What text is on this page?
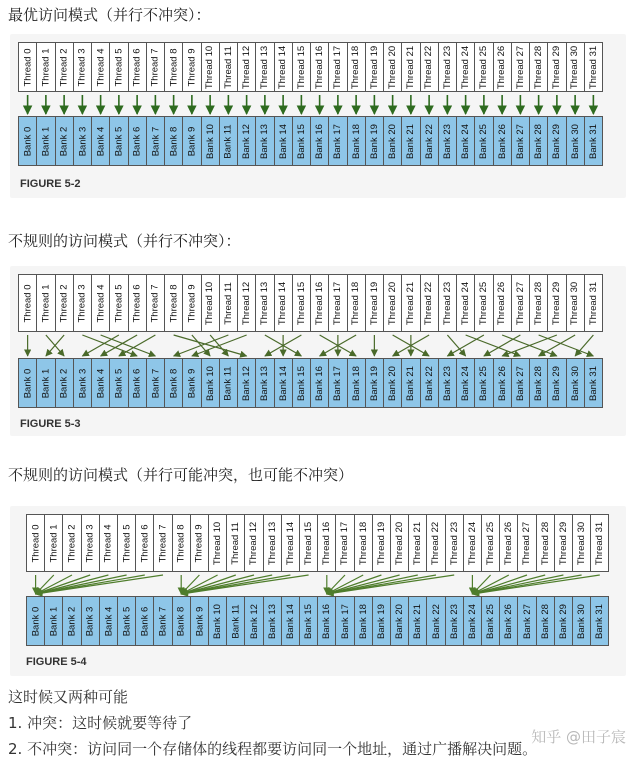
最优访问模式（并行不冲突）：
FIGURE 5-2
Thread 0 Thread 1 Thread 2 Thread 3 Thread 4 Thread 5 Thread 6 Thread 7 Thread 8 Thread 9 Thread 10 Thread 11 Thread 12 Thread 13 Thread 14 Thread 15 Thread 16 Thread 17 Thread 18 Thread 19 Thread 20 Thread 21 Thread 22 Thread 23 Thread 24 Thread 25 Thread 26 Thread 27 Thread 28 Thread 29 Thread 30 Thread 31
Bank 0 Bank 1 Bank 2 Bank 3 Bank 4 Bank 5 Bank 6 Bank 7 Bank 8 Bank 9 Bank 10 Bank 11 Bank 12 Bank 13 Bank 14 Bank 15 Bank 16 Bank 17 Bank 18 Bank 19 Bank 20 Bank 21 Bank 22 Bank 23 Bank 24 Bank 25 Bank 26 Bank 27 Bank 28 Bank 29 Bank 30 Bank 31
不规则的访问模式（并行不冲突）：
FIGURE 5-3
Thread 0 Thread 1 Thread 2 Thread 3 Thread 4 Thread 5 Thread 6 Thread 7 Thread 8 Thread 9 Thread 10 Thread 11 Thread 12 Thread 13 Thread 14 Thread 15 Thread 16 Thread 17 Thread 18 Thread 19 Thread 20 Thread 21 Thread 22 Thread 23 Thread 24 Thread 25 Thread 26 Thread 27 Thread 28 Thread 29 Thread 30 Thread 31
Bank 0 Bank 1 Bank 2 Bank 3 Bank 4 Bank 5 Bank 6 Bank 7 Bank 8 Bank 9 Bank 10 Bank 11 Bank 12 Bank 13 Bank 14 Bank 15 Bank 16 Bank 17 Bank 18 Bank 19 Bank 20 Bank 21 Bank 22 Bank 23 Bank 24 Bank 25 Bank 26 Bank 27 Bank 28 Bank 29 Bank 30 Bank 31
不规则的访问模式（并行可能冲突，也可能不冲突）
FIGURE 5-4
Thread 0 Thread 1 Thread 2 Thread 3 Thread 4 Thread 5 Thread 6 Thread 7 Thread 8 Thread 9 Thread 10 Thread 11 Thread 12 Thread 13 Thread 14 Thread 15 Thread 16 Thread 17 Thread 18 Thread 19 Thread 20 Thread 21 Thread 22 Thread 23 Thread 24 Thread 25 Thread 26 Thread 27 Thread 28 Thread 29 Thread 30 Thread 31
Bank 0 Bank 1 Bank 2 Bank 3 Bank 4 Bank 5 Bank 6 Bank 7 Bank 8 Bank 9 Bank 10 Bank 11 Bank 12 Bank 13 Bank 14 Bank 15 Bank 16 Bank 17 Bank 18 Bank 19 Bank 20 Bank 21 Bank 22 Bank 23 Bank 24 Bank 25 Bank 26 Bank 27 Bank 28 Bank 29 Bank 30 Bank 31
这时候又两种可能
1. 冲突：这时候就要等待了
2. 不冲突：访问同一个存储体的线程都要访问同一个地址，通过广播解决问题。
知乎 @田子宸
